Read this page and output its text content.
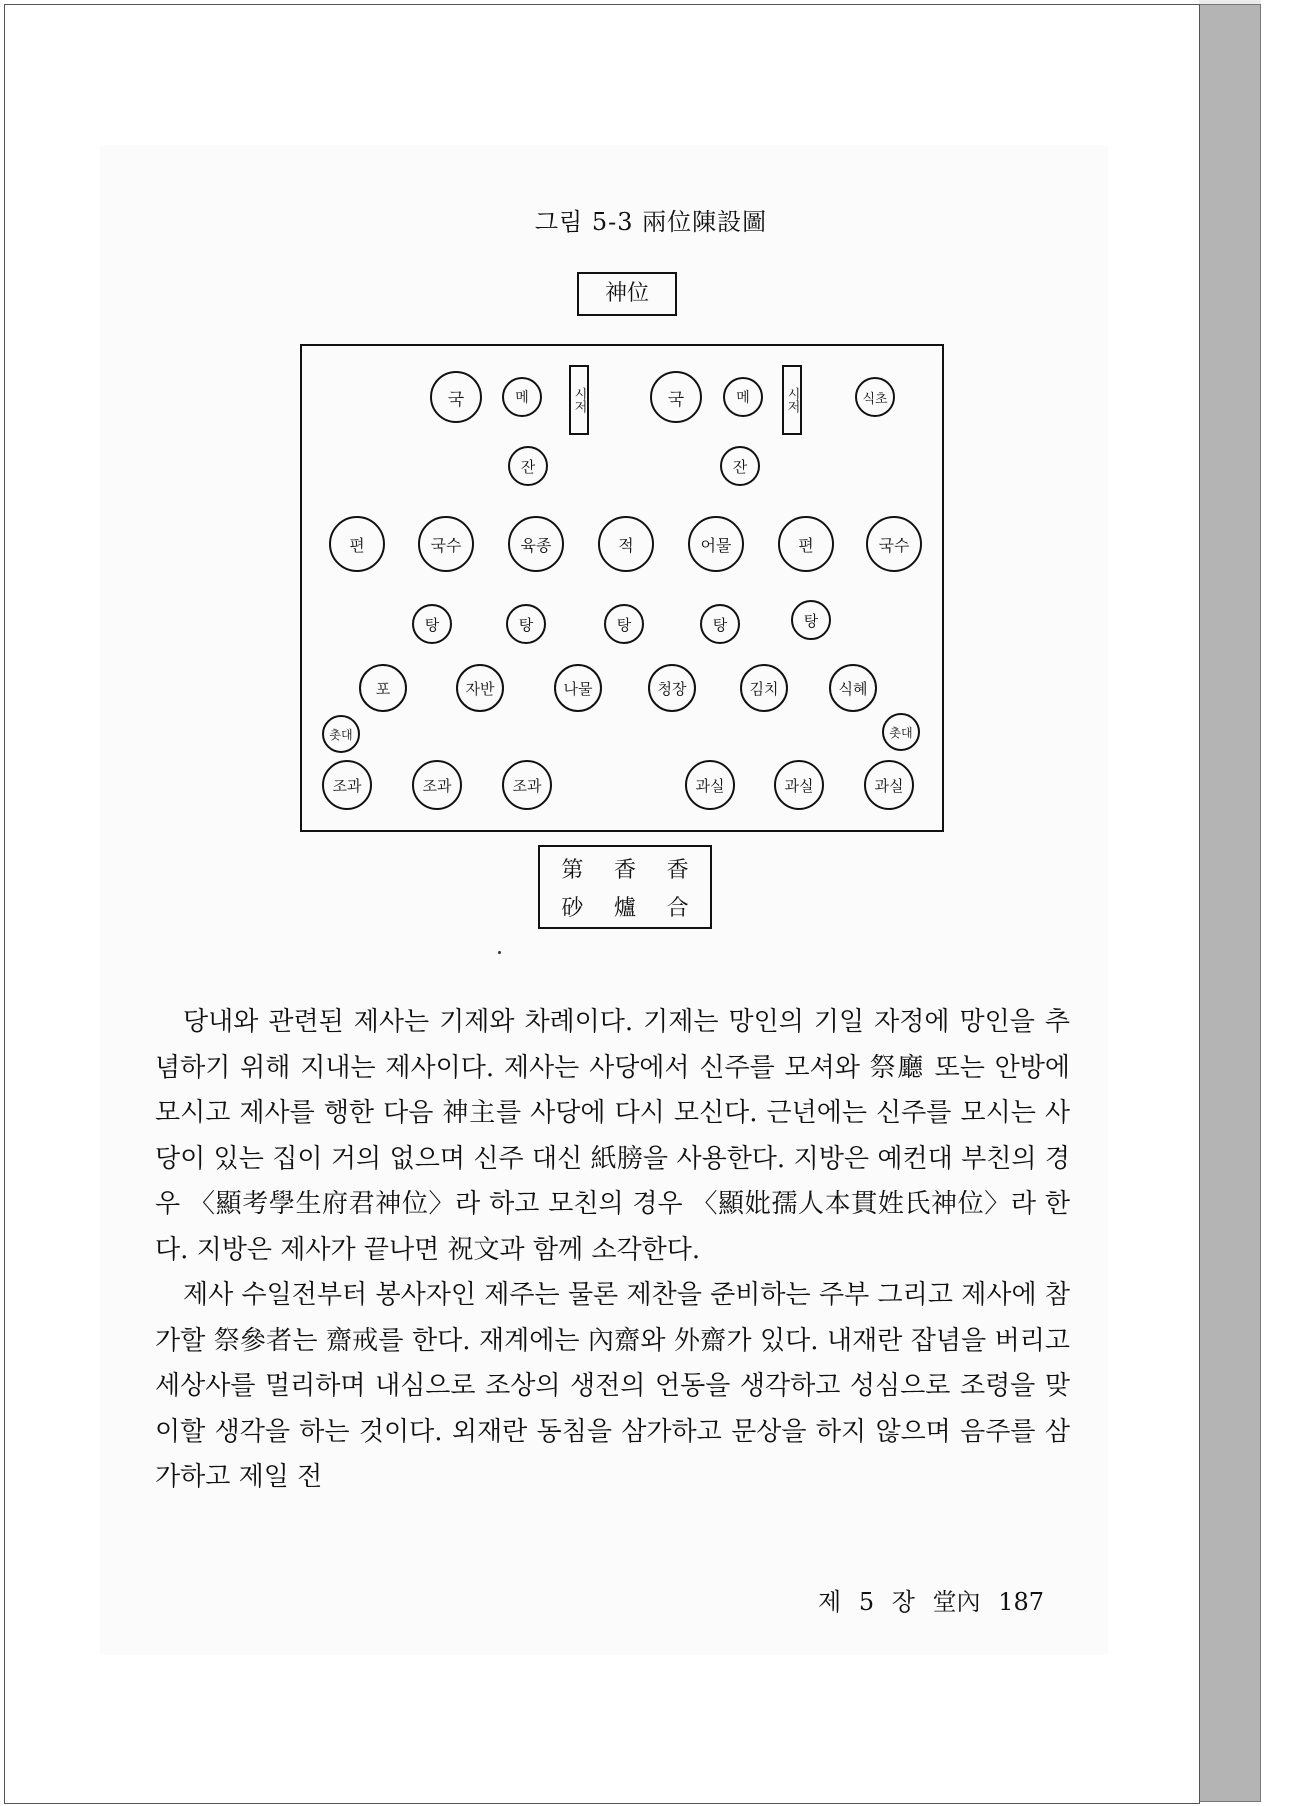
그림 5-3 兩位陳設圖
神位
국	메	시저	국	메	시저	식초
잔	잔
편	국수	육종	적	어물	편	국수
탕	탕	탕	탕	탕
포	자반	나물	청장	김치	식혜
촛대	촛대
조과	조과	조과	과실	과실	과실
第	香	香
砂	爐	合

당내와 관련된 제사는 기제와 차례이다. 기제는 망인의 기일 자정에 망인을 추념하기 위해 지내는 제사이다. 제사는 사당에서 신주를 모셔와 祭廳 또는 안방에 모시고 제사를 행한 다음 神主를 사당에 다시 모신다. 근년에는 신주를 모시는 사당이 있는 집이 거의 없으며 신주 대신 紙膀을 사용한다. 지방은 예컨대 부친의 경우 〈顯考學生府君神位〉라 하고 모친의 경우 〈顯妣孺人本貫姓氏神位〉라 한다. 지방은 제사가 끝나면 祝文과 함께 소각한다.

제사 수일전부터 봉사자인 제주는 물론 제찬을 준비하는 주부 그리고 제사에 참가할 祭參者는 齋戒를 한다. 재계에는 內齋와 外齋가 있다. 내재란 잡념을 버리고 세상사를 멀리하며 내심으로 조상의 생전의 언동을 생각하고 성심으로 조령을 맞이할 생각을 하는 것이다. 외재란 동침을 삼가하고 문상을 하지 않으며 음주를 삼가하고 제일 전

제 5 장 堂內 187
